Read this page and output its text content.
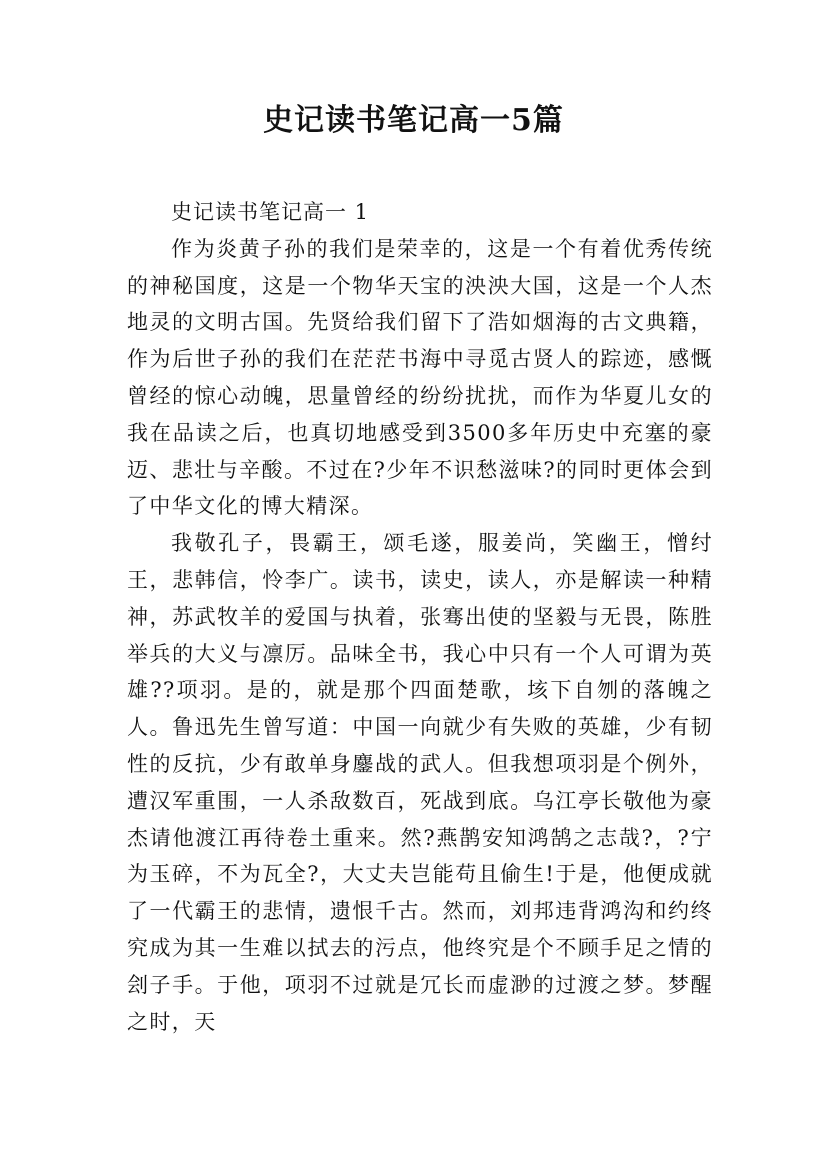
史记读书笔记高一5篇
史记读书笔记高一 1

作为炎黄子孙的我们是荣幸的，这是一个有着优秀传统的神秘国度，这是一个物华天宝的泱泱大国，这是一个人杰地灵的文明古国。先贤给我们留下了浩如烟海的古文典籍，作为后世子孙的我们在茫茫书海中寻觅古贤人的踪迹，感慨曾经的惊心动魄，思量曾经的纷纷扰扰，而作为华夏儿女的我在品读之后，也真切地感受到3500多年历史中充塞的豪迈、悲壮与辛酸。不过在?少年不识愁滋味?的同时更体会到了中华文化的博大精深。

我敬孔子，畏霸王，颂毛遂，服姜尚，笑幽王，憎纣王，悲韩信，怜李广。读书，读史，读人，亦是解读一种精神，苏武牧羊的爱国与执着，张骞出使的坚毅与无畏，陈胜举兵的大义与凛厉。品味全书，我心中只有一个人可谓为英雄??项羽。是的，就是那个四面楚歌，垓下自刎的落魄之人。鲁迅先生曾写道：中国一向就少有失败的英雄，少有韧性的反抗，少有敢单身鏖战的武人。但我想项羽是个例外，遭汉军重围，一人杀敌数百，死战到底。乌江亭长敬他为豪杰请他渡江再待卷土重来。然?燕鹊安知鸿鹄之志哉?，?宁为玉碎，不为瓦全?，大丈夫岂能苟且偷生!于是，他便成就了一代霸王的悲情，遗恨千古。然而，刘邦违背鸿沟和约终究成为其一生难以拭去的污点，他终究是个不顾手足之情的刽子手。于他，项羽不过就是冗长而虚渺的过渡之梦。梦醒之时，天
